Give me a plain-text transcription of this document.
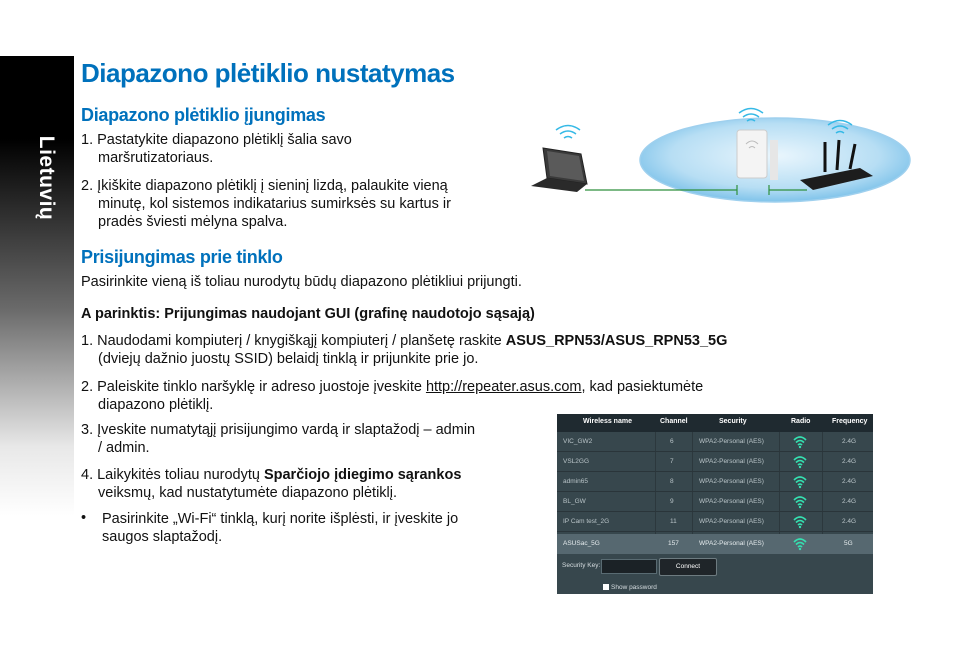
Lietuvių
Diapazono plėtiklio nustatymas
Diapazono plėtiklio įjungimas
1. Pastatykite diapazono plėtiklį šalia savo
maršrutizatoriaus.
2. Įkiškite diapazono plėtiklį į sieninį lizdą, palaukite vieną
minutę, kol sistemos indikatarius sumirksės su kartus ir
pradės šviesti mėlyna spalva.
Prisijungimas prie tinklo
Pasirinkite vieną iš toliau nurodytų būdų diapazono plėtikliui prijungti.
A parinktis: Prijungimas naudojant GUI (grafinę naudotojo sąsają)
1. Naudodami kompiuterį / knygiškąjį kompiuterį / planšetę raskite ASUS_RPN53/ASUS_RPN53_5G
(dviejų dažnio juostų SSID) belaidį tinklą ir prijunkite prie jo.
2. Paleiskite tinklo naršyklę ir adreso juostoje įveskite http://repeater.asus.com, kad pasiektumėte
diapazono plėtiklį.
3. Įveskite numatytąjį prisijungimo vardą ir slaptažodį – admin
/ admin.
4. Laikykitės toliau nurodytų Sparčiojo įdiegimo sąrankos
veiksmų, kad nustatytumėte diapazono plėtiklį.
• Pasirinkite „Wi-Fi“ tinklą, kurį norite išplėsti, ir įveskite jo
saugos slaptažodį.
Wireless name	Channel	Security	Radio	Frequency
VIC_GW2	6	WPA2-Personal (AES)	2.4G
VSL2GG	7	WPA2-Personal (AES)	2.4G
admin65	8	WPA2-Personal (AES)	2.4G
BL_GW	9	WPA2-Personal (AES)	2.4G
IP Cam test_2G	11	WPA2-Personal (AES)	2.4G
ASUSac_5G	157	WPA2-Personal (AES)	5G
Security Key:	Connect
Show password
